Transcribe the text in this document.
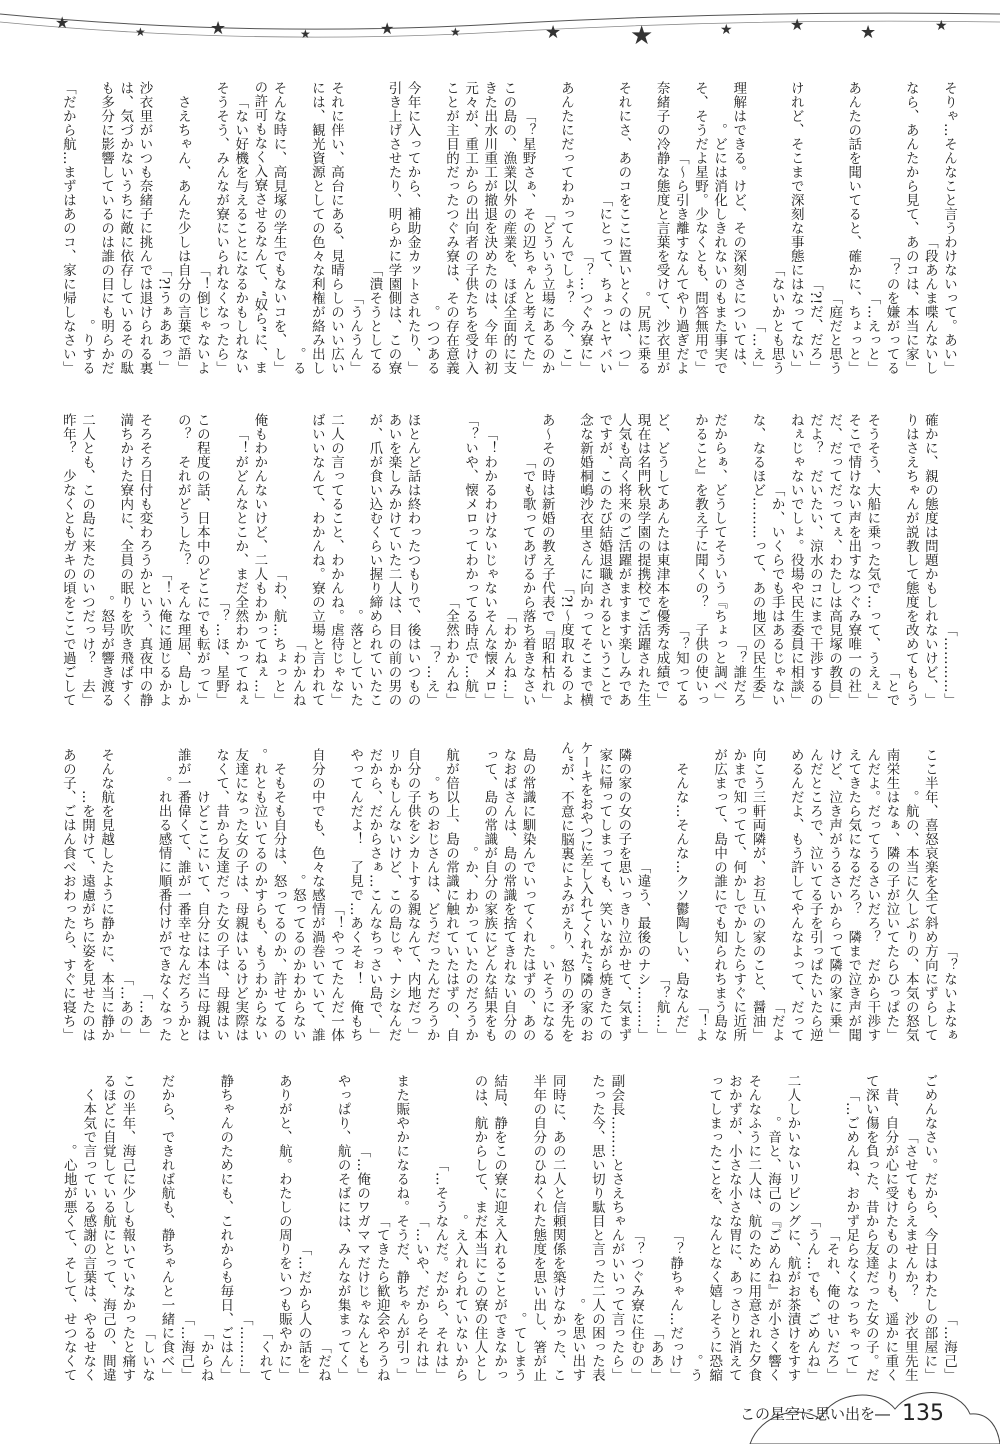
★	★	★	★	★	★	★	★	★	★	★	★
「そりゃ…そんなこと言うわけないって。あい
段あんま喋んないし」
「なら、あんたから見て、あのコは、本当に家
のを嫌がってる？」
「えっと…」
「あんたの話を聞いてると、確かに、ちょっと
庭だと思う」
「だ、だろ!?」
「けれど、そこまで深刻な事態にはなってない
ないかとも思う」
「え…」
理解はできる。けど、その深刻さについては、
どには消化しきれないのもまた事実で。
「そ、そうだよ星野。少なくとも、問答無用で
ら引き離すなんてやり過ぎだよ～」
奈緒子の冷静な態度と言葉を受けて、沙衣里が
尻馬に乗る。
「それにさ、あのコをここに置いとくのは、つ
にとって、ちょっとヤバい」
「つぐみ寮に…？」
「あんたにだってわかってんでしょ？　今、こ
どういう立場にあるのか」
「星野さぁ、その辺ちゃんと考えてた？」
この島の、漁業以外の産業を、ほぼ全面的に支
きた出水川重工が撤退を決めたのは、今年の初
元々が、重工からの出向者の子供たちを受け入
ことが主目的だったつぐみ寮は、その存在意義
つつある。
「今年に入ってから、補助金カットされたり、
引き上げさせたり、明らかに学園側は、この寮
潰そうとしてる」
「うんうん」
それに伴い、高台にある、見晴らしのいい広い
には、観光資源としての色々な利権が絡み出し
る。
「そんな時に、高見塚の学生でもないコを、し
の許可もなく入寮させるなんて、“奴ら”に、ま
ない好機を与えることになるかもしれない」
「そうそう、みんなが寮にいられなくなったら
倒じゃないよ！」
「さえちゃん、あんた少しは自分の言葉で語
「うぁああっ!?」
沙衣里がいつも奈緒子に挑んでは退けられる裏
は、気づかないうちに敵に依存しているその駄
も多分に影響しているのは誰の目にも明らかだ
りする。
「だから航…まずはあのコ、家に帰しなさい」
「…………」
「確かに、親の態度は問題かもしれないけど、
りはさえちゃんが説教して態度を改めてもらう
とで」
「そうそう、大船に乗った気で…って、うえぇ
「そこで情けない声を出すなつぐみ寮唯一の社
「だ、だってだってぇ、わたしは高見塚の教員
だよ？　だいたい、涼水のコにまで干渉するの
「ねぇじゃないでしょ。役場や民生委員に相談
か、いくらでも手はあるじゃない」
「な、なるほど………って、あの地区の民生委
誰だろ？」
「だからぁ、どうしてそういう『ちょっと調べ
かること』を教え子に聞くの？　子供の使いっ
知ってる？」
「ど、どうしてあんたは東津本を優秀な成績で
現在は名門秋泉学園の提携校でご活躍された生
人気も高く将来のご活躍がますます楽しみであ
ですが、このたび結婚退職されるということで
念な新婚桐嶋沙衣里さんに向かってそこまで横
度取れるのよ～!?」
「あ～その時は新婚の教え子代表で『昭和枯れ
でも歌ってあげるから落ち着きなさい」
「…わかんね」
「わかるわけないじゃないそんな懐メロ！」
「いや、懐メロってわかってる時点で…航？」
「全然わかんね」
「え…？」
ほとんど話は終わったつもりで、後はいつもの
あいを楽しみかけていた二人は、目の前の男の
が、爪が食い込むくらい握り締められていたこ
落としていた。
「二人の言ってること、わかんね。虐待じゃな
ばいいなんて、わかんね。寮の立場と言われて
わかんね」
「わ、航…ちょっと」
「俺もわかんないけど、二人もわかってねぇ…
がどんなとこか、まだ全然わかってねぇ！」
「ほ、星野…？」
「この程度の話、日本中のどこにでも転がって
の？　それがどうした？　そんな理屈、島しか
い俺に通じるかよ！」
そろそろ日付も変わろうかという、真夜中の静
満ちかけた寮内に、全員の眠りを吹き飛ばすく
怒号が響き渡る。
「二人とも、この島に来たのいつだっけ？　去
昨年？　少なくともガキの頃をここで過ごして
ないよなぁ？」
ここ半年、喜怒哀楽を全て斜め方向にずらして
航の、本当に久しぶりの、本気の怒気。
「南栄生はなぁ、隣の子が泣いてたらひっぱた
んだよ。だってうるさいだろ？　だから干渉す
えてきたら気になるだろ？　隣まで泣き声が聞
「けど、泣き声がうるさいからって隣の家に乗
んだところで、泣いてる子を引っぱたいたら逆
めるんだよ、もう許してやんなよって、だって
だよ」
「向こう三軒両隣が、お互いの家のこと、醤油
かまで知ってて、何かしでかしたらすぐに近所
が広まって、島中の誰にでも知られちまう島な
よ！」
「そんな…そんな…クソ鬱陶しい、島なんだ
「…航？」
「………違う、最後のナシ」
隣の家の女の子を思いっきり泣かせて、気まず
家に帰ってしまっても、笑いながら焼きたての
ケーキをおやつに差し入れてくれた“隣の家のお
ん”が、不意に脳裏によみがえり、怒りの矛先を
いそうになる。
島の常識に馴染んでいってくれたはずの、あの
なおばさんは、島の常識を捨てきれない自分の
って、島の常識が自分の家族にどんな結果をも
か、わかっていたのだろうか。
航が倍以上、島の常識に触れていたはずの、自
ちのおじさんは、どうだったんだろうか。
「自分の子供をシカトする親なんて、内地だっ
リかもしんないけど、この島じゃ、ナシなんだ
「だから、だからさぁ…こんなちっさい島で、
やってんだよ！　了見で…あくそぉ！　俺もち　
やってたんだ一体！」
自分の中でも、色々な感情が渦巻いていて、誰
怒ってるのかわからない。
そもそも自分は、怒ってるのか、許せてるの
れとも泣いてるのかすらも、もうわからない。
友達になった女の子は、母親はいるけど実際は
なくて、昔から友達だった女の子は、母親はい
けどここにいて、自分には本当に母親は
誰が一番偉くて、誰が一番幸せなんだろうかと
れ出る感情に順番付けができなくなった。
「あ…」
「あの…」
そんな航を見越したように静かに、本当に静か
を開けて、遠慮がちに姿を見せたのは…
「あの子、ごはん食べおわったら、すぐに寝ち
「海己…」
「ごめんなさい。だから、今日はわたしの部屋に
させてもらえませんか？　沙衣里先生」
昔、自分が心に受けたものよりも、遥かに重く
て深い傷を負った、昔から友達だった女の子。だ
「ごめんね、おかず足らなくなっちゃって…」
「それ、俺のせいだろ」
「うん…でも、ごめんね」
二人しかいないリビングに、航がお茶漬けをすす
音と、海己の『ごめんね』が小さく響く。
そんなふうに二人は、航のために用意された夕食
おかずが、小さな小さな胃に、あっさりと消えて
ってしまったことを、なんとなく嬉しそうに恐縮
う。
「静ちゃん…だっけ？」
「ああ」
「つぐみ寮に住むの？」
「副会長………とさえちゃんがいいって言ったら
たった今、思い切り駄目と言った二人の困った表
を思い出す。
同時に、あの二人と信頼関係を築けなかった、こ
半年の自分のひねくれた態度を思い出し、箸が止
てしまう。
結局、静をこの寮に迎え入れることができなかっ
のは、航からして、まだ本当にこの寮の住人とし
え入れられていないから。
「そうなんだ。だから、それは…」
「いや、だからそれは…」
「また賑やかになるね。そうだ、静ちゃんが引っ
てきたら歓迎会やろうね」
「俺のワガママだけじゃなんとも…」
「やっぱり、航のそばには、みんなが集まってく
だね」
「だから人の話を…」
「ありがと、航。わたしの周りをいつも賑やかに
くれて」
「………」
「静ちゃんのためにも、これからも毎日、ごはん
からね」
「海己…」
「だから、できれば航も、静ちゃんと一緒に食べ
しいな」
この半年、海己に少しも報いていなかったと痛す
るほどに自覚している航にとって、海己の、間違
く本気で言っている感謝の言葉は、やるせなく
心地が悪くて、そして、せつなくて。
この星空に思い出を― 135
